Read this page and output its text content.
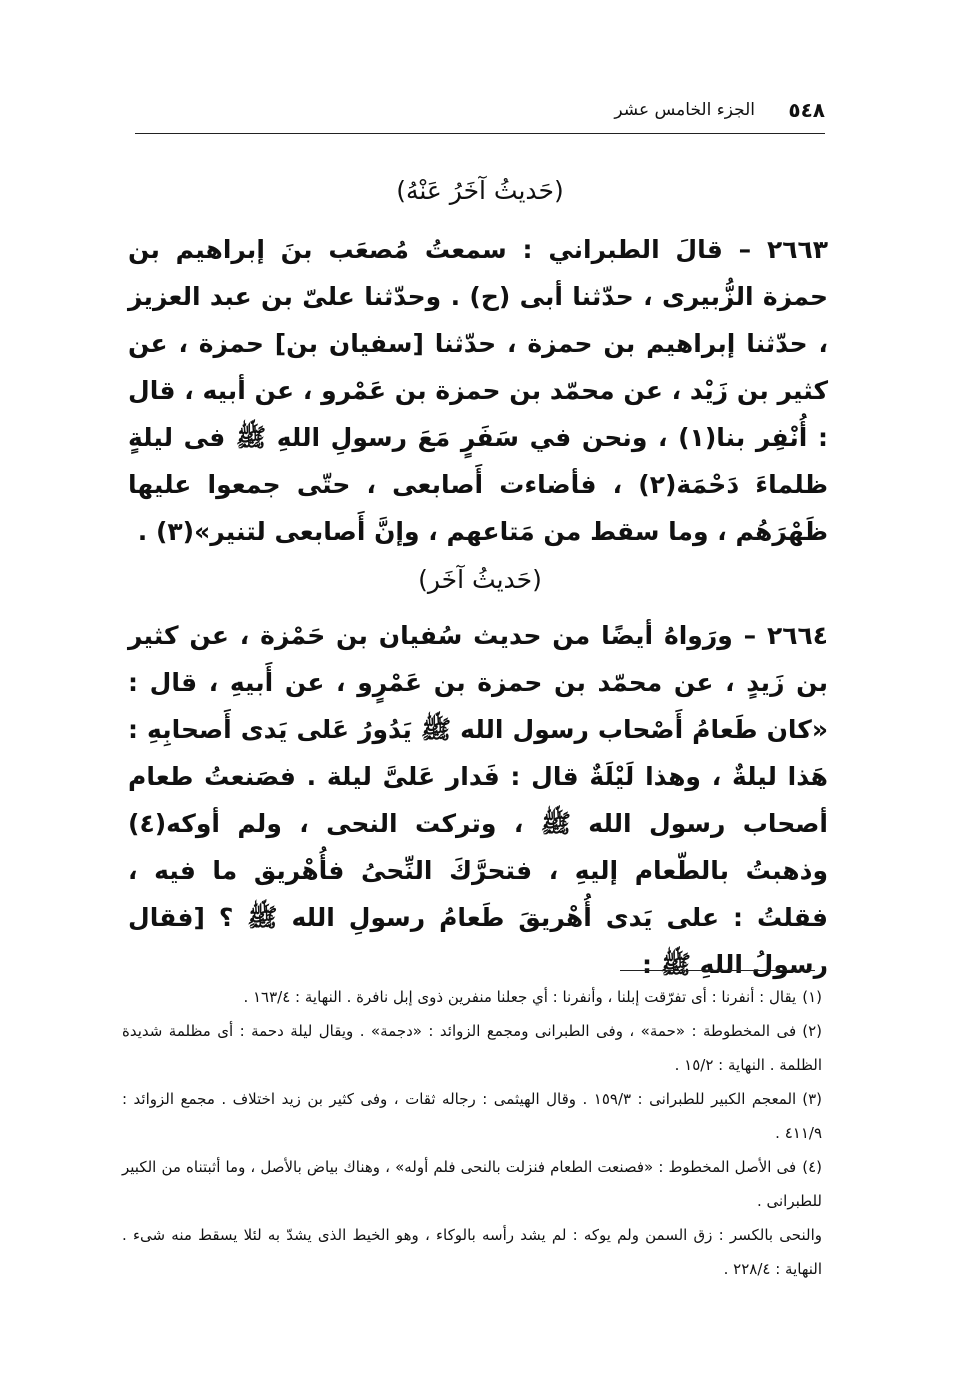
٥٤٨
الجزء الخامس عشر
(حَديثُ آخَرُ عَنْهُ)
٢٦٦٣ – قالَ الطبراني : سمعتُ مُصعَب بنَ إبراهيم بن حمزة الزُّبيرى ، حدّثنا أبى (ح) . وحدّثنا علىّ بن عبد العزيز ، حدّثنا إبراهيم بن حمزة ، حدّثنا [سفيان بن] حمزة ، عن كثير بن زَيْد ، عن محمّد بن حمزة بن عَمْرو ، عن أبيه ، قال : أُنْفِر بنا(١) ، ونحن في سَفَرٍ مَعَ رسولِ اللهِ ﷺ فى ليلةٍ ظلماءَ دَحْمَة(٢) ، فأضاءت أَصابعى ، حتّى جمعوا عليها ظَهْرَهُم ، وما سقط من مَتاعهم ، وإنَّ أَصابعى لتنير»(٣) .
(حَديثُ آخَر)
٢٦٦٤ – ورَواهُ أيضًا من حديث سُفيان بن حَمْزة ، عن كثير بن زَيدٍ ، عن محمّد بن حمزة بن عَمْرٍو ، عن أَبيهِ ، قال : «كان طَعامُ أَصْحاب رسول الله ﷺ يَدُورُ عَلى يَدى أَصحابِهِ : هَذا ليلةٌ ، وهذا لَيْلَةٌ قال : فَدار عَلىَّ ليلة . فصَنعتُ طعام أصحاب رسول الله ﷺ ، وتركت النحى ، ولم أوكه(٤) وذهبتُ بالطّعام إليهِ ، فتحرَّكَ النِّحىُ فأُهْريق ما فيه ، فقلتُ : على يَدى أُهْريقَ طَعامُ رسولِ الله ﷺ ؟ [فقال رسولُ اللهِ ﷺ :

(١)يقال : أنفرنا : أى تفرّقت إبلنا ، وأنفرنا : أي جعلنا منفرين ذوى إبل نافرة . النهاية : ١٦٣/٤ .

(٢)فى المخطوطة : «حمة» ، وفى الطبرانى ومجمع الزوائد : «دجمة» . ويقال ليلة دحمة : أى مظلمة شديدة الظلمة . النهاية : ١٥/٢ .

(٣)المعجم الكبير للطبرانى : ١٥٩/٣ . وقال الهيثمى : رجاله ثقات ، وفى كثير بن زيد اختلاف . مجمع الزوائد : ٤١١/٩ .

(٤)فى الأصل المخطوط : «فصنعت الطعام فنزلت بالنحى فلم أوله» ، وهناك بياض بالأصل ، وما أثبتناه من الكبير للطبرانى .

والنحى بالكسر : زق السمن ولم يوكه : لم يشد رأسه بالوكاء ، وهو الخيط الذى يشدّ به لئلا يسقط منه شىء . النهاية : ٢٢٨/٤ .
